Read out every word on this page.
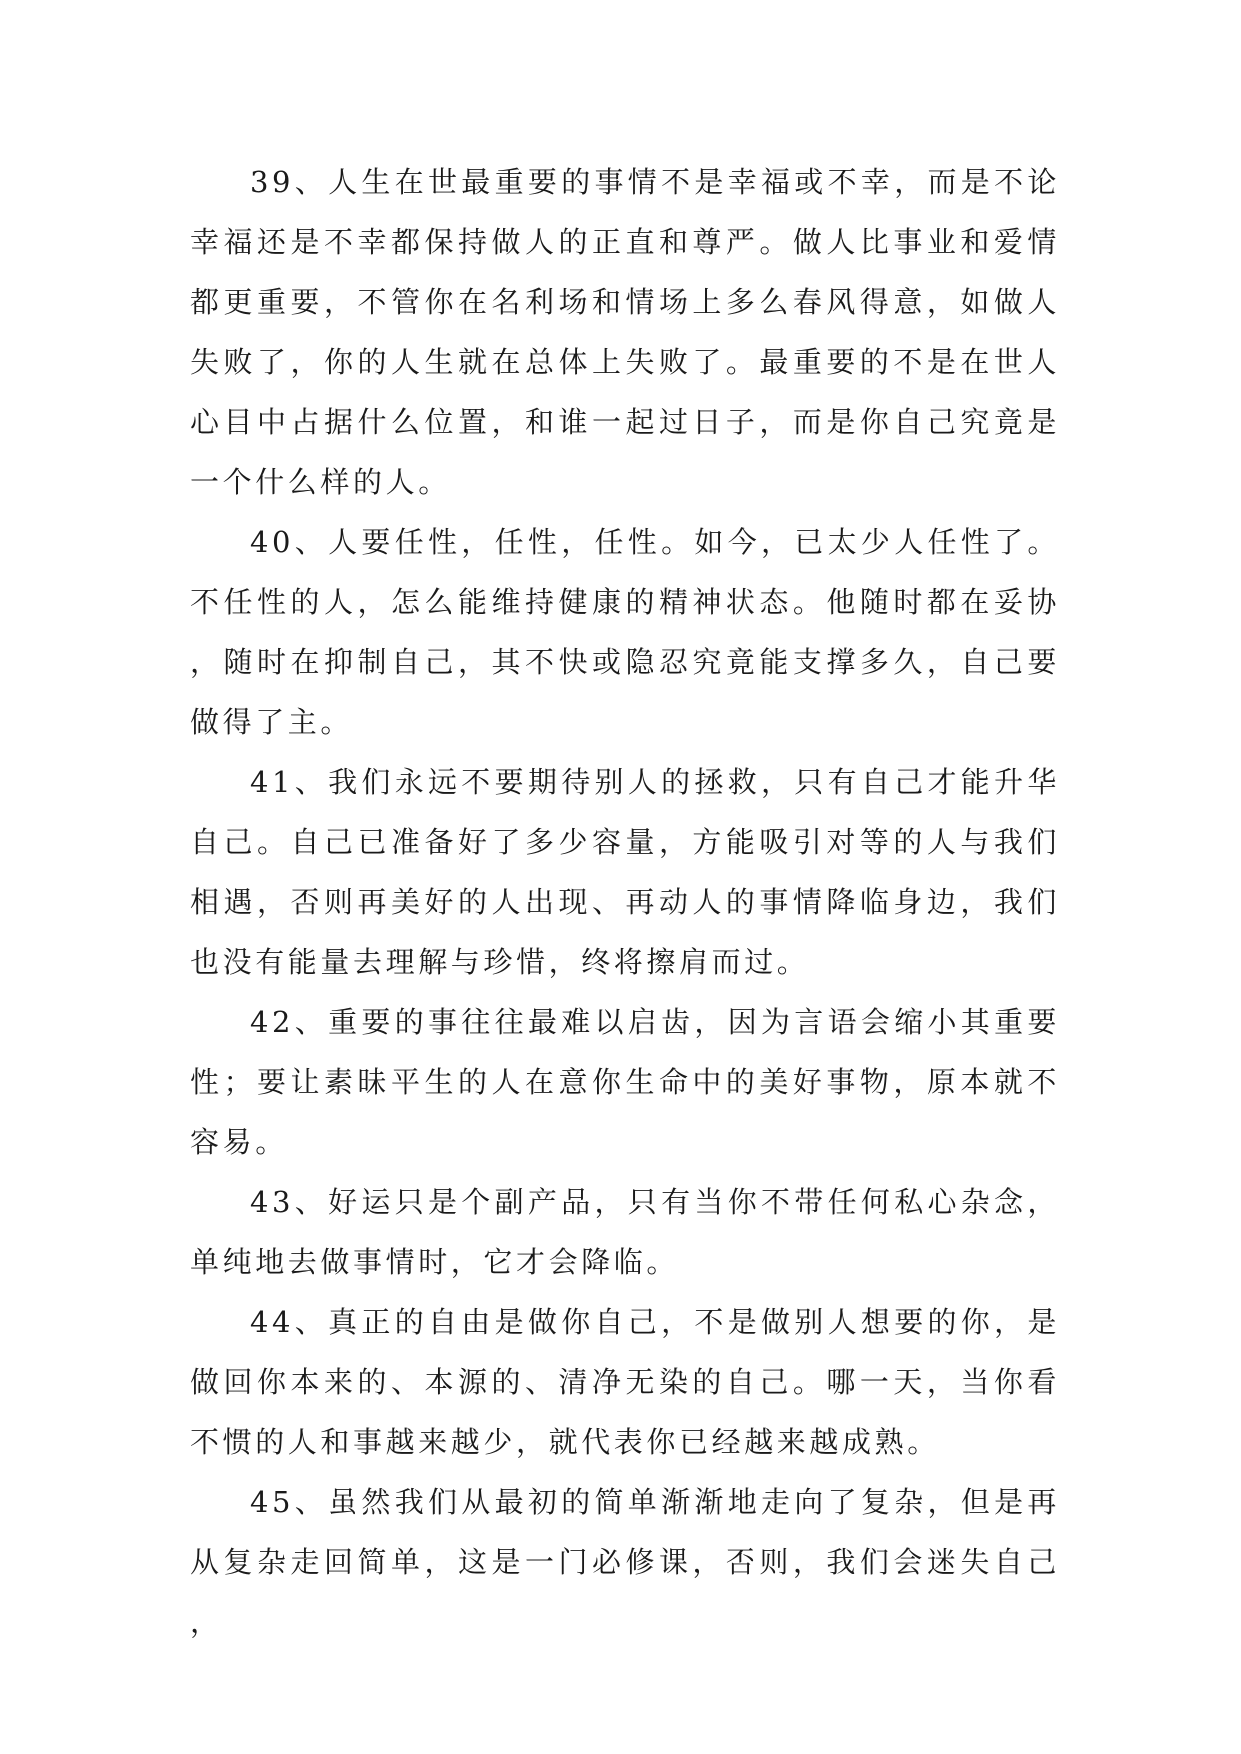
39、人生在世最重要的事情不是幸福或不幸，而是不论幸福还是不幸都保持做人的正直和尊严。做人比事业和爱情都更重要，不管你在名利场和情场上多么春风得意，如做人失败了，你的人生就在总体上失败了。最重要的不是在世人心目中占据什么位置，和谁一起过日子，而是你自己究竟是一个什么样的人。

40、人要任性，任性，任性。如今，已太少人任性了。不任性的人，怎么能维持健康的精神状态。他随时都在妥协，随时在抑制自己，其不快或隐忍究竟能支撑多久，自己要做得了主。

41、我们永远不要期待别人的拯救，只有自己才能升华自己。自己已准备好了多少容量，方能吸引对等的人与我们相遇，否则再美好的人出现、再动人的事情降临身边，我们也没有能量去理解与珍惜，终将擦肩而过。

42、重要的事往往最难以启齿，因为言语会缩小其重要性；要让素昧平生的人在意你生命中的美好事物，原本就不容易。

43、好运只是个副产品，只有当你不带任何私心杂念，单纯地去做事情时，它才会降临。

44、真正的自由是做你自己，不是做别人想要的你，是做回你本来的、本源的、清净无染的自己。哪一天，当你看不惯的人和事越来越少，就代表你已经越来越成熟。

45、虽然我们从最初的简单渐渐地走向了复杂，但是再从复杂走回简单，这是一门必修课，否则，我们会迷失自己，
